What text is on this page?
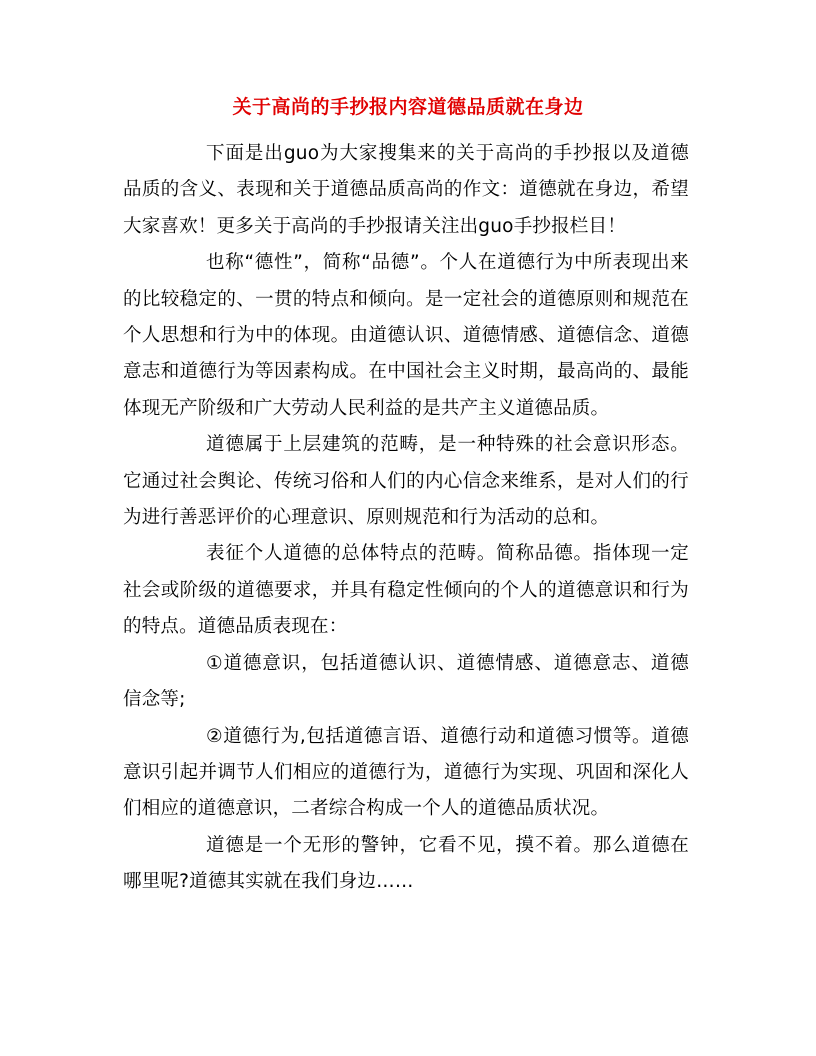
关于高尚的手抄报内容道德品质就在身边

下面是出guo为大家搜集来的关于高尚的手抄报以及道德品质的含义、表现和关于道德品质高尚的作文：道德就在身边，希望大家喜欢！更多关于高尚的手抄报请关注出guo手抄报栏目！

也称“德性”，简称“品德”。个人在道德行为中所表现出来的比较稳定的、一贯的特点和倾向。是一定社会的道德原则和规范在个人思想和行为中的体现。由道德认识、道德情感、道德信念、道德意志和道德行为等因素构成。在中国社会主义时期，最高尚的、最能体现无产阶级和广大劳动人民利益的是共产主义道德品质。

道德属于上层建筑的范畴，是一种特殊的社会意识形态。它通过社会舆论、传统习俗和人们的内心信念来维系，是对人们的行为进行善恶评价的心理意识、原则规范和行为活动的总和。

表征个人道德的总体特点的范畴。简称品德。指体现一定社会或阶级的道德要求，并具有稳定性倾向的个人的道德意识和行为的特点。道德品质表现在：

①道德意识，包括道德认识、道德情感、道德意志、道德信念等;

②道德行为,包括道德言语、道德行动和道德习惯等。道德意识引起并调节人们相应的道德行为，道德行为实现、巩固和深化人们相应的道德意识，二者综合构成一个人的道德品质状况。

道德是一个无形的警钟，它看不见，摸不着。那么道德在哪里呢?道德其实就在我们身边……
